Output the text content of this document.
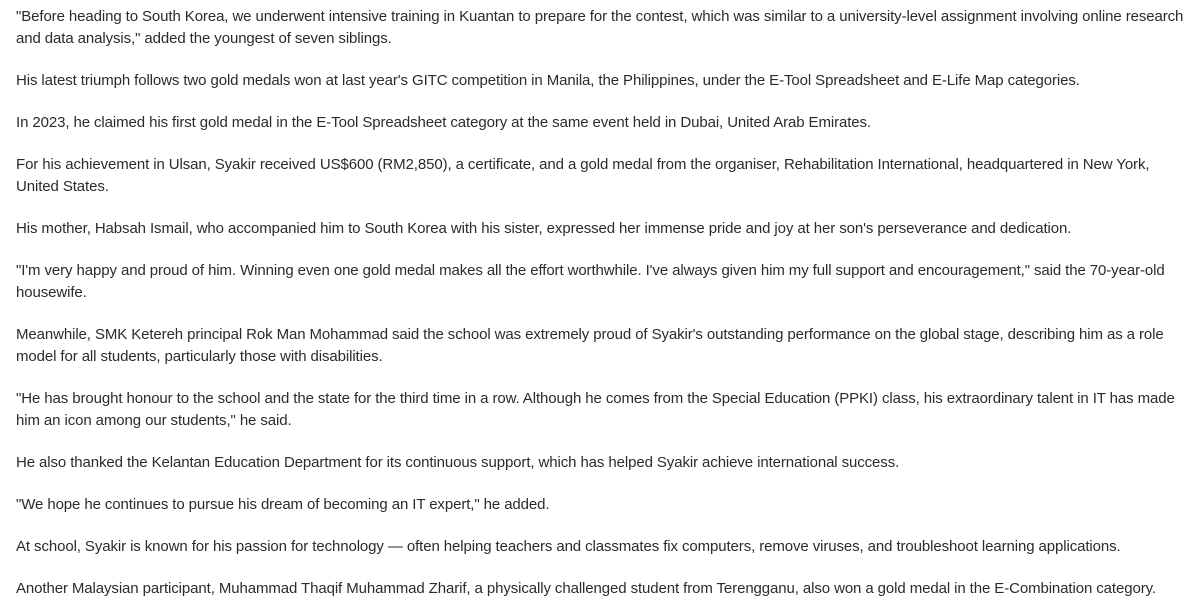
"Before heading to South Korea, we underwent intensive training in Kuantan to prepare for the contest, which was similar to a university-level assignment involving online research and data analysis," added the youngest of seven siblings.

His latest triumph follows two gold medals won at last year's GITC competition in Manila, the Philippines, under the E-Tool Spreadsheet and E-Life Map categories.

In 2023, he claimed his first gold medal in the E-Tool Spreadsheet category at the same event held in Dubai, United Arab Emirates.

For his achievement in Ulsan, Syakir received US$600 (RM2,850), a certificate, and a gold medal from the organiser, Rehabilitation International, headquartered in New York, United States.

His mother, Habsah Ismail, who accompanied him to South Korea with his sister, expressed her immense pride and joy at her son's perseverance and dedication.

"I'm very happy and proud of him. Winning even one gold medal makes all the effort worthwhile. I've always given him my full support and encouragement," said the 70-year-old housewife.

Meanwhile, SMK Ketereh principal Rok Man Mohammad said the school was extremely proud of Syakir's outstanding performance on the global stage, describing him as a role model for all students, particularly those with disabilities.

"He has brought honour to the school and the state for the third time in a row. Although he comes from the Special Education (PPKI) class, his extraordinary talent in IT has made him an icon among our students," he said.

He also thanked the Kelantan Education Department for its continuous support, which has helped Syakir achieve international success.

"We hope he continues to pursue his dream of becoming an IT expert," he added.

At school, Syakir is known for his passion for technology — often helping teachers and classmates fix computers, remove viruses, and troubleshoot learning applications.

Another Malaysian participant, Muhammad Thaqif Muhammad Zharif, a physically challenged student from Terengganu, also won a gold medal in the E-Combination category.
